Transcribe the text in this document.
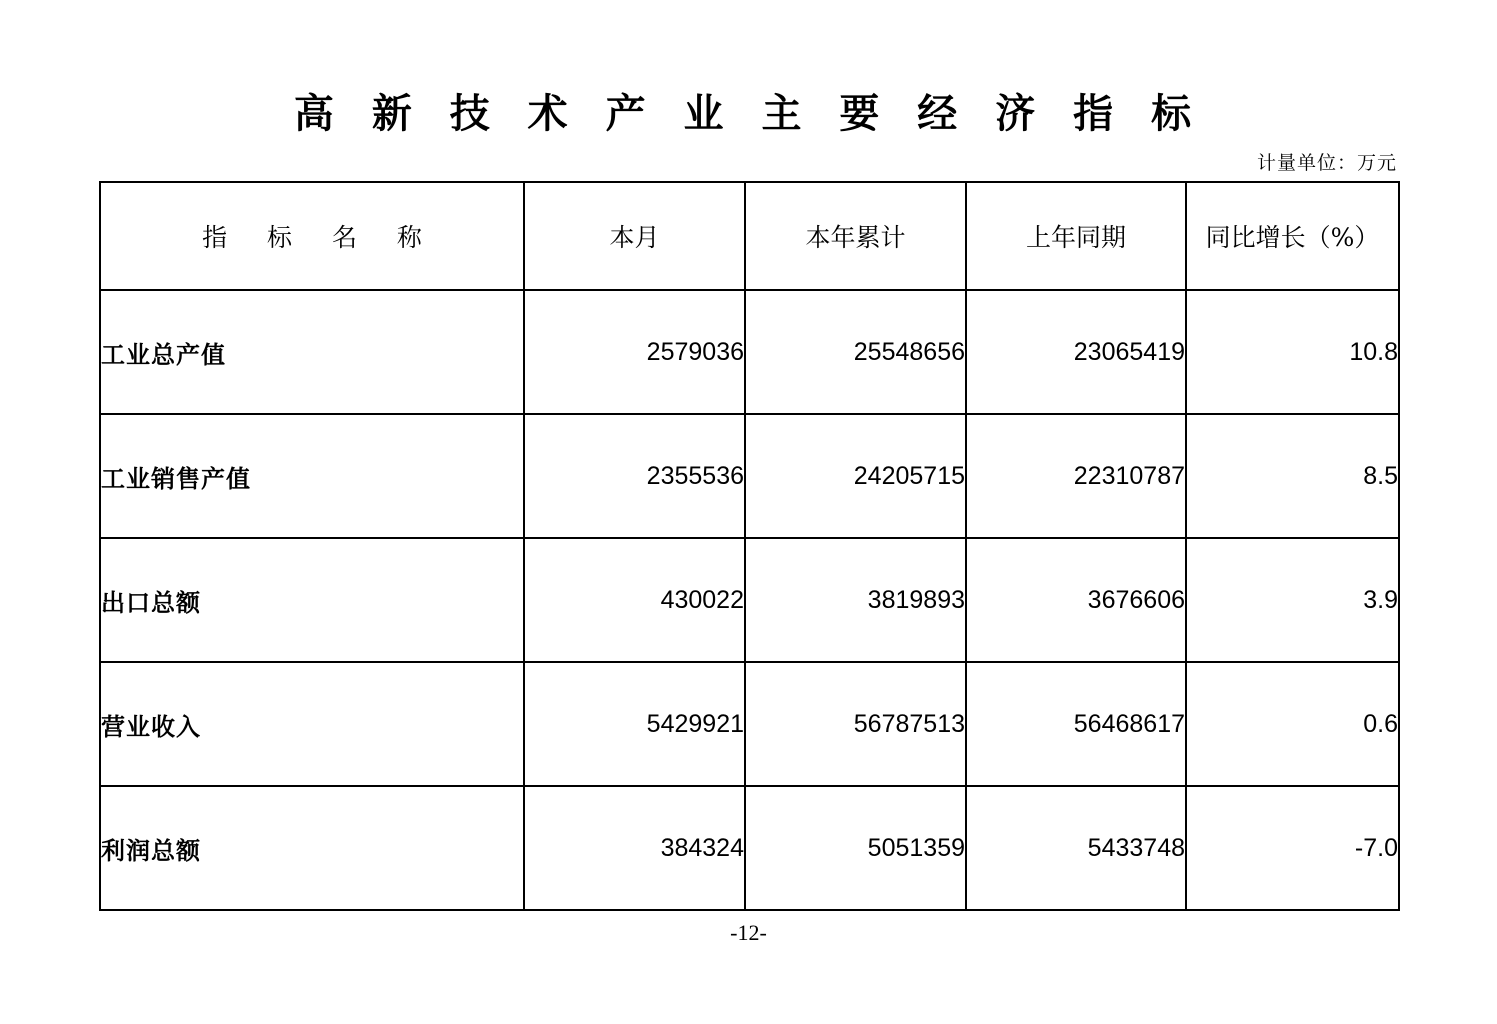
高 新 技 术 产 业 主 要 经 济 指 标
计量单位：万元
指 标 名 称	本月	本年累计	上年同期	同比增长（%）
工业总产值	2579036	25548656	23065419	10.8
工业销售产值	2355536	24205715	22310787	8.5
出口总额	430022	3819893	3676606	3.9
营业收入	5429921	56787513	56468617	0.6
利润总额	384324	5051359	5433748	-7.0
-12-
